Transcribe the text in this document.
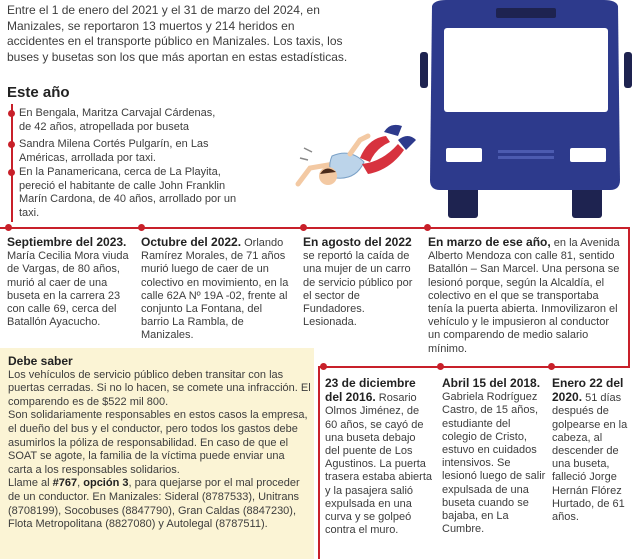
Entre el 1 de enero del 2021 y el 31 de marzo del 2024, en Manizales, se reportaron 13 muertos y 214 heridos en accidentes en el transporte público en Manizales. Los taxis, los buses y busetas son los que más aportan en estas estadísticas.

Este año
En Bengala, Maritza Carvajal Cárdenas, de 42 años, atropellada por buseta
Sandra Milena Cortés Pulgarín, en Las Américas, arrollada por taxi.
En la Panamericana, cerca de La Playita, pereció el habitante de calle John Franklin Marín Cardona, de 40 años, arrollado por un taxi.
Septiembre del 2023. María Cecilia Mora viuda de Vargas, de 80 años, murió al caer de una buseta en la carrera 23 con calle 69, cerca del Batallón Ayacucho.
Octubre del 2022. Orlando Ramírez Morales, de 71 años murió luego de caer de un colectivo en movimiento, en la calle 62A Nº 19A -02, frente al conjunto La Fontana, del barrio La Rambla, de Manizales.
En agosto del 2022 se reportó la caída de una mujer de un carro de servicio público por el sector de Fundadores. Lesionada.
En marzo de ese año, en la Avenida Alberto Mendoza con calle 81, sentido Batallón – San Marcel. Una persona se lesionó porque, según la Alcaldía, el colectivo en el que se transportaba tenía la puerta abierta. Inmovilizaron el vehículo y le impusieron al conductor un comparendo de medio salario mínimo.
23 de diciembre del 2016. Rosario Olmos Jiménez, de 60 años, se cayó de una buseta debajo del puente de Los Agustinos. La puerta trasera estaba abierta y la pasajera salió expulsada en una curva y se golpeó contra el muro.
Abril 15 del 2018. Gabriela Rodríguez Castro, de 15 años, estudiante del colegio de Cristo, estuvo en cuidados intensivos. Se lesionó luego de salir expulsada de una buseta cuando se bajaba, en La Cumbre.
Enero 22 del 2020. 51 días después de golpearse en la cabeza, al descender de una buseta, falleció Jorge Hernán Flórez Hurtado, de 61 años.

Debe saber

Los vehículos de servicio público deben transitar con las puertas cerradas. Si no lo hacen, se comete una infracción. El comparendo es de $522 mil 800.

Son solidariamente responsables en estos casos la empresa, el dueño del bus y el conductor, pero todos los gastos debe asumirlos la póliza de responsabilidad. En caso de que el SOAT se agote, la familia de la víctima puede enviar una carta a los responsables solidarios.

Llame al #767, opción 3, para quejarse por el mal proceder de un conductor. En Manizales: Sideral (8787533), Unitrans (8708199), Socobuses (8847790), Gran Caldas (8847230), Flota Metropolitana (8827080) y Autolegal (8787511).
